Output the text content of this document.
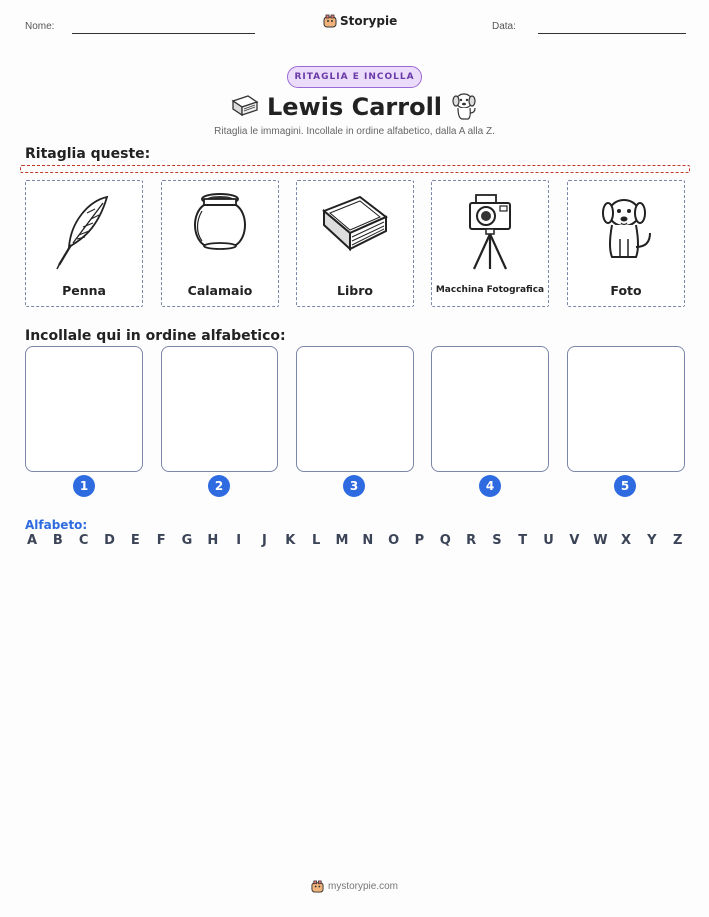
Nome:	Storypie	Data:
RITAGLIA E INCOLLA
Lewis Carroll
Ritaglia le immagini. Incollale in ordine alfabetico, dalla A alla Z.
Ritaglia queste:
Penna	Calamaio	Libro	Macchina Fotografica	Foto
Incollale qui in ordine alfabetico:
1	2	3	4	5
Alfabeto:
A B C D E F G H	I	J	K L M N O P Q R S T U V W X Y Z
mystorypie.com
